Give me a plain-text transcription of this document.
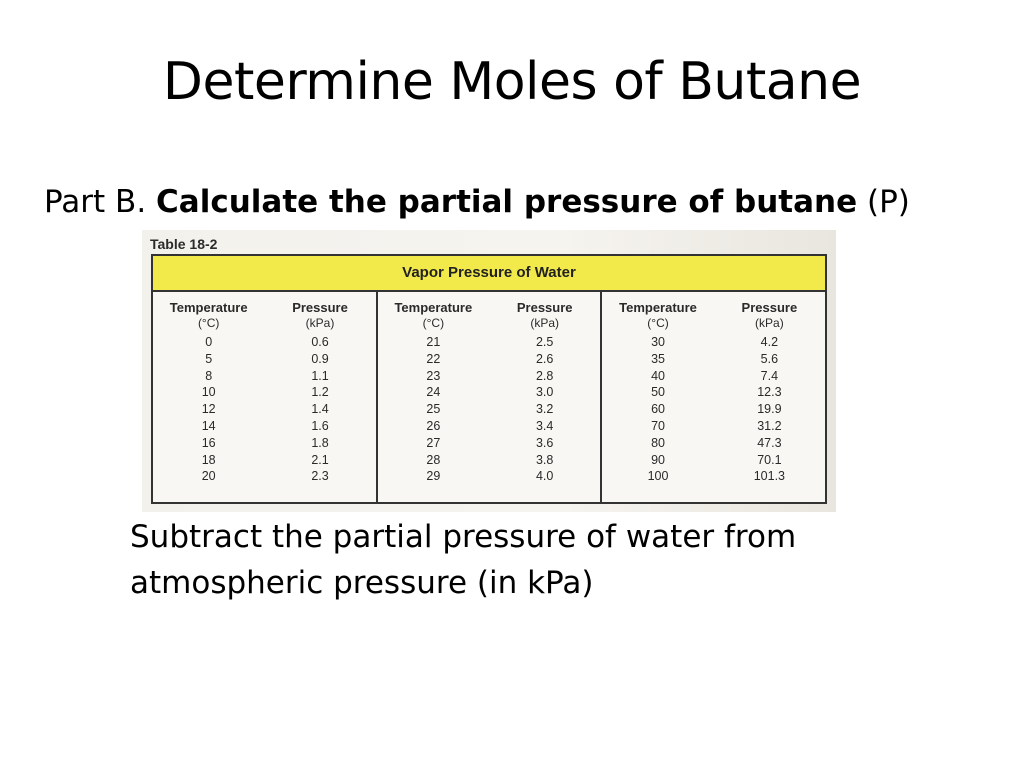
Determine Moles of Butane
Part B. Calculate the partial pressure of butane (P)
Table 18-2
Vapor Pressure of Water
Temperature
(°C)
0
5
8
10
12
14
16
18
20
Pressure
(kPa)
0.6
0.9
1.1
1.2
1.4
1.6
1.8
2.1
2.3
Temperature
(°C)
21
22
23
24
25
26
27
28
29
Pressure
(kPa)
2.5
2.6
2.8
3.0
3.2
3.4
3.6
3.8
4.0
Temperature
(°C)
30
35
40
50
60
70
80
90
100
Pressure
(kPa)
4.2
5.6
7.4
12.3
19.9
31.2
47.3
70.1
101.3
Subtract the partial pressure of water from
atmospheric pressure (in kPa)
